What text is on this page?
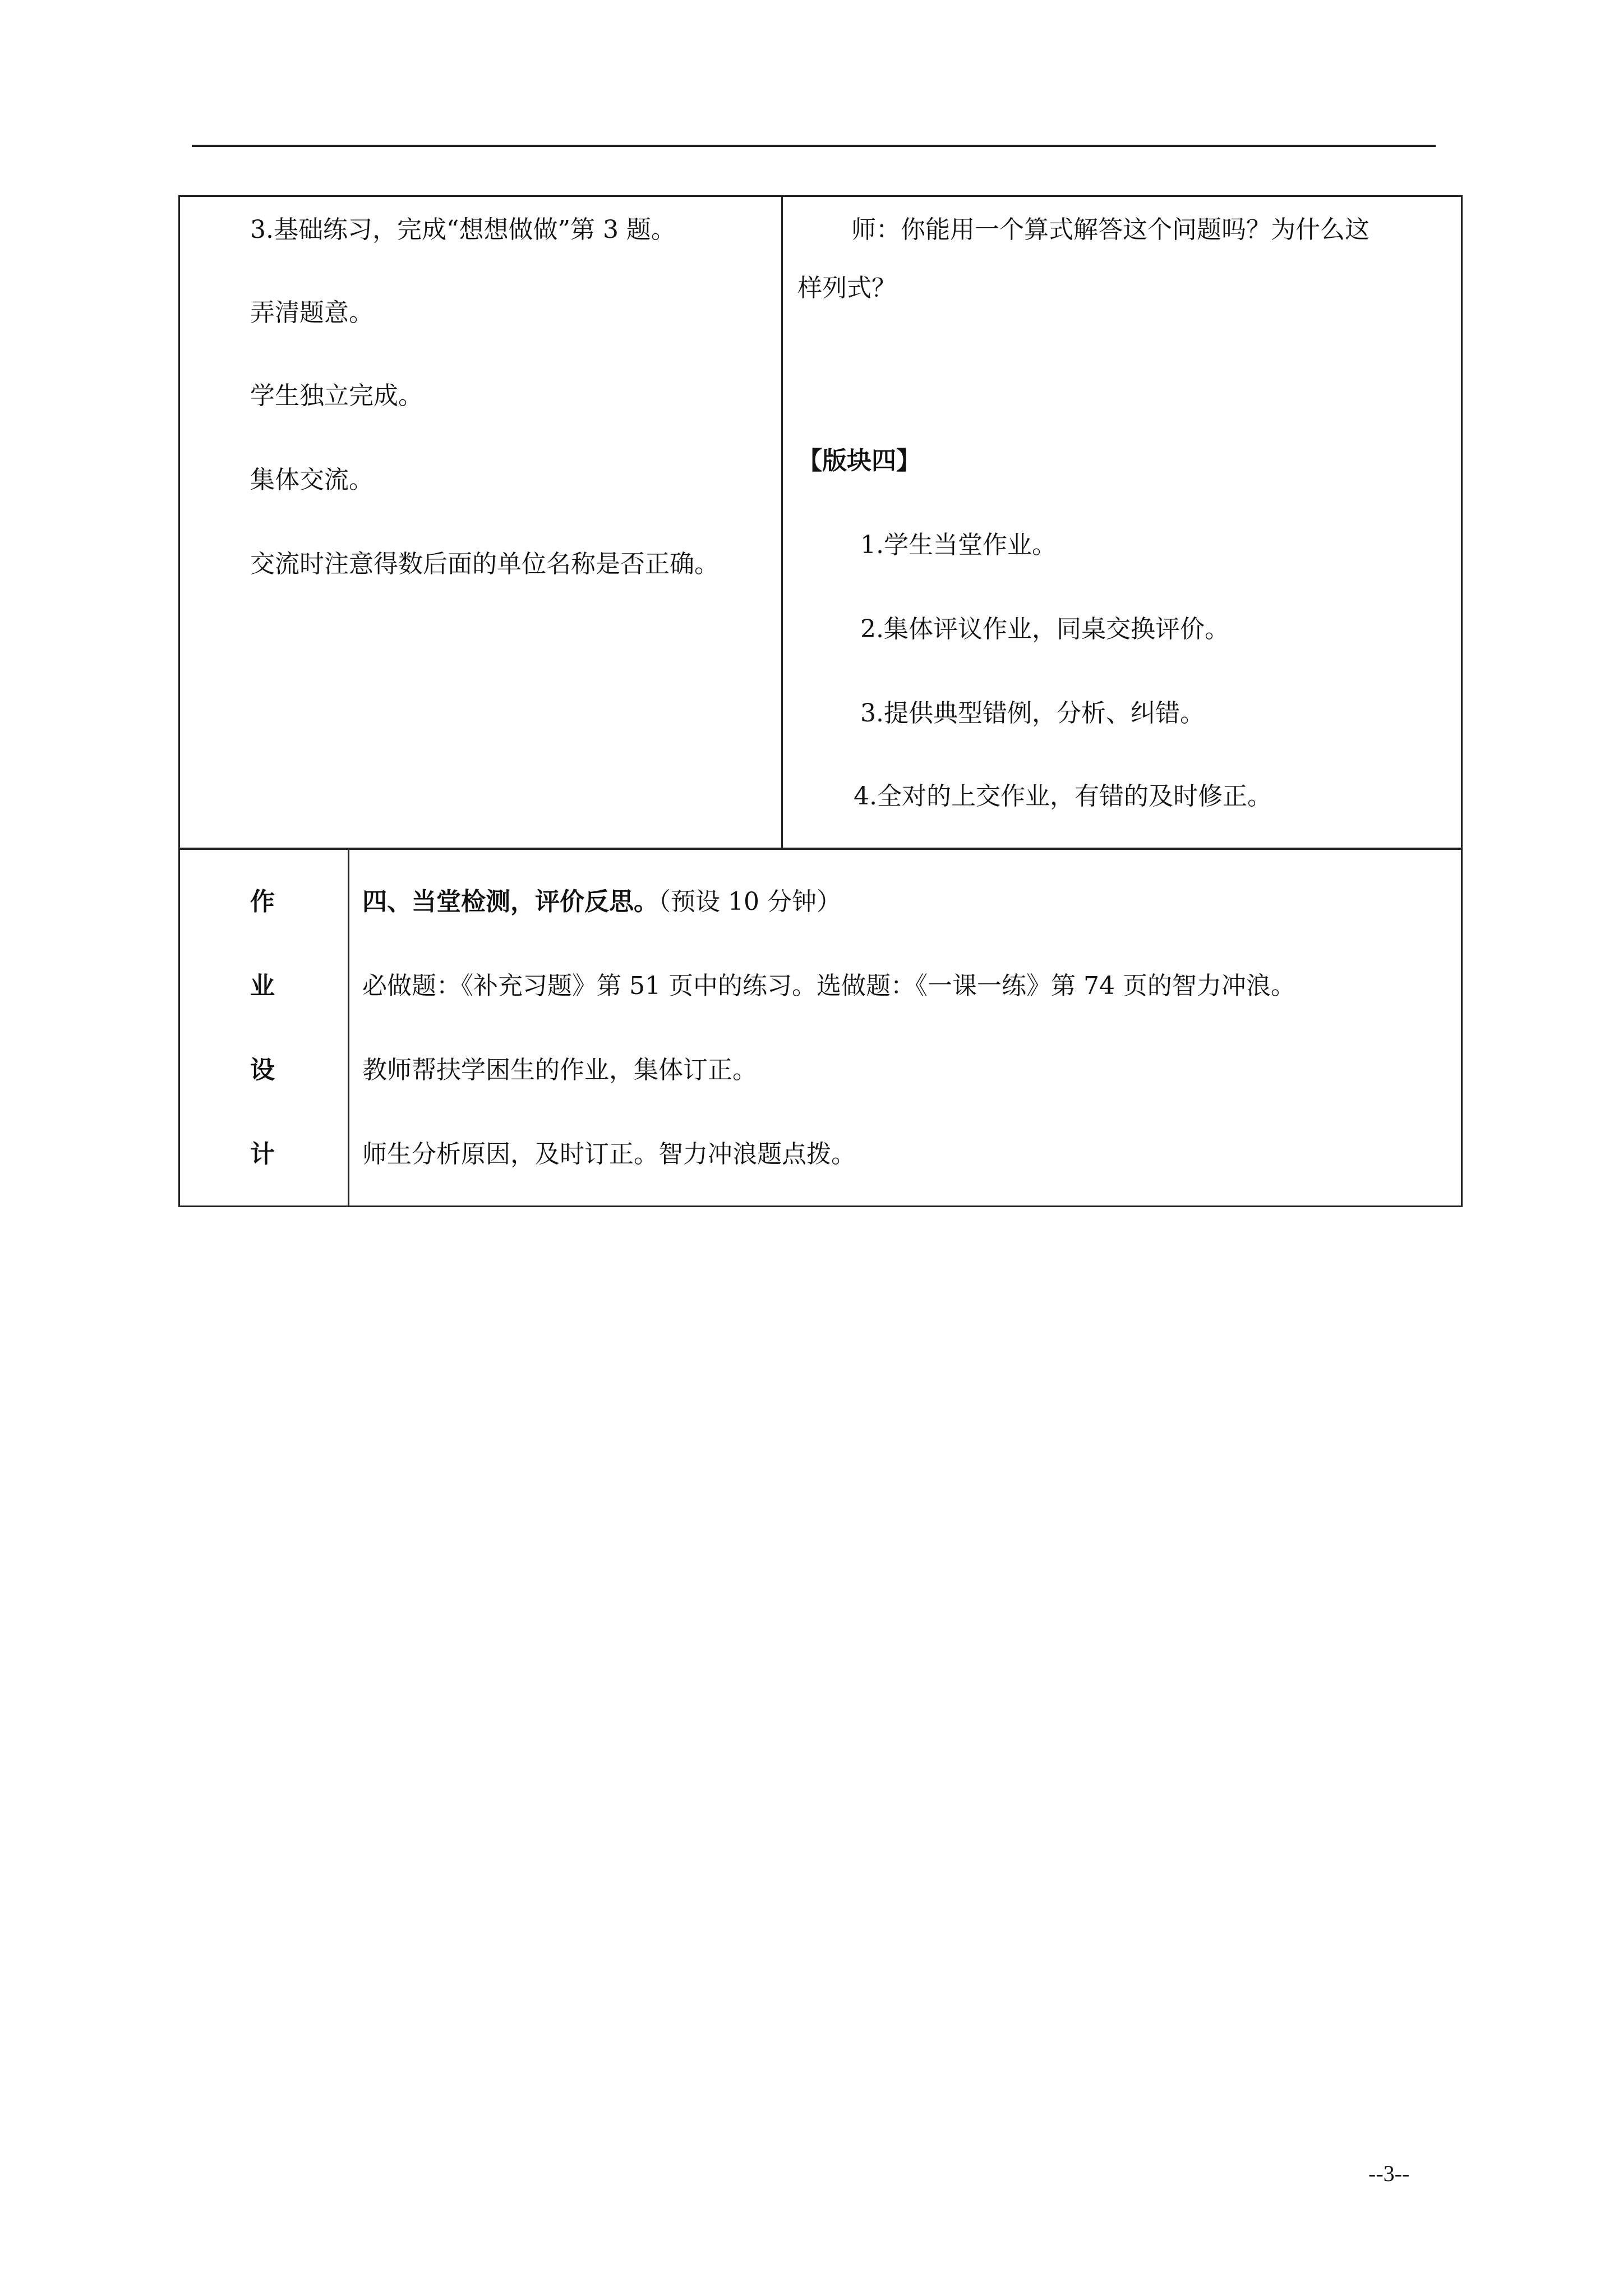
3.基础练习，完成“想想做做”第 3 题。
弄清题意。
学生独立完成。
集体交流。
交流时注意得数后面的单位名称是否正确。
师：你能用一个算式解答这个问题吗？为什么这
样列式？
【版块四】
1.学生当堂作业。
2.集体评议作业，同桌交换评价。
3.提供典型错例，分析、纠错。
4.全对的上交作业，有错的及时修正。
作
业
设
计
四、当堂检测，评价反思。（预设 10 分钟）
必做题：《补充习题》第 51 页中的练习。选做题：《一课一练》第 74 页的智力冲浪。
教师帮扶学困生的作业，集体订正。
师生分析原因，及时订正。智力冲浪题点拨。
--3--
